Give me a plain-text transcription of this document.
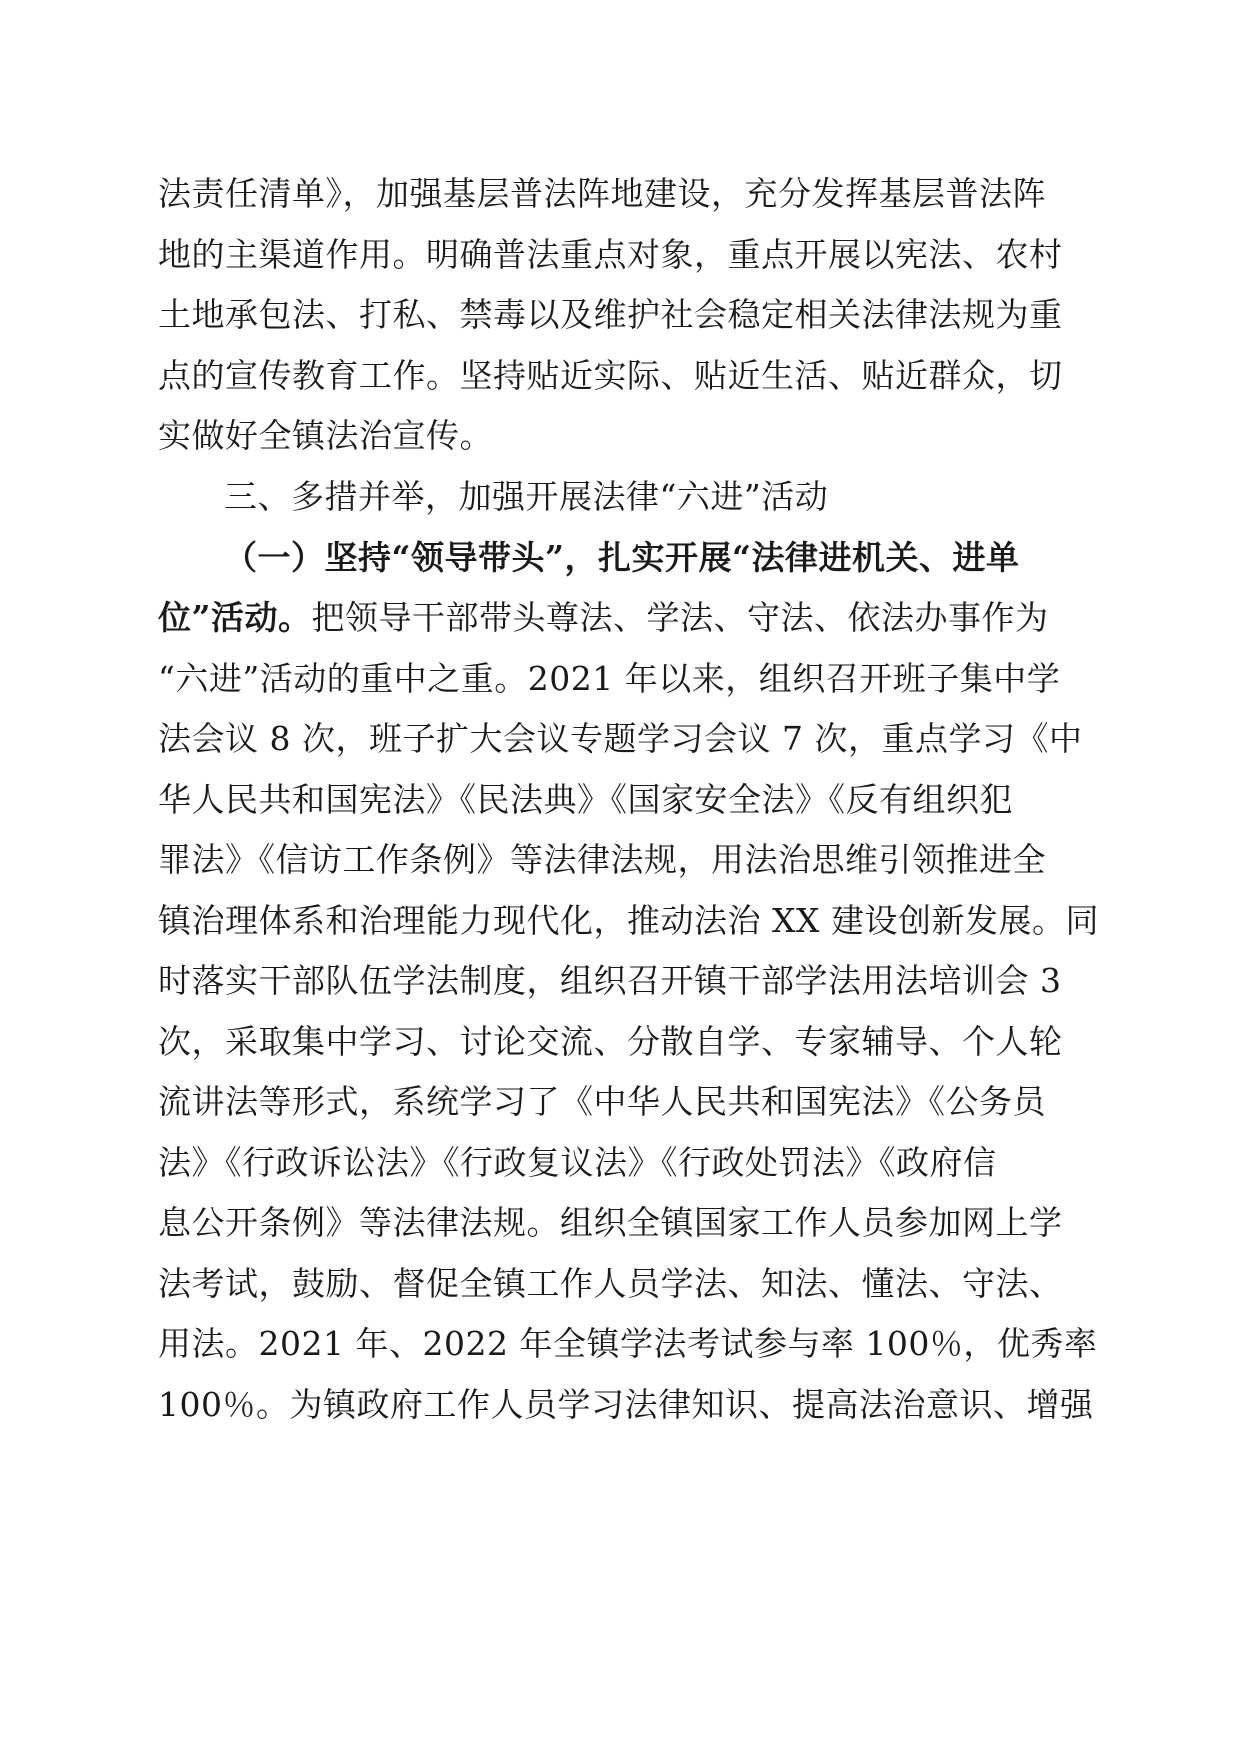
法责任清单》，加强基层普法阵地建设，充分发挥基层普法阵
地的主渠道作用。明确普法重点对象，重点开展以宪法、农村
土地承包法、打私、禁毒以及维护社会稳定相关法律法规为重
点的宣传教育工作。坚持贴近实际、贴近生活、贴近群众，切
实做好全镇法治宣传。
三、多措并举，加强开展法律“六进”活动
（一）坚持“领导带头”，扎实开展“法律进机关、进单
位”活动。把领导干部带头尊法、学法、守法、依法办事作为
“六进”活动的重中之重。2021 年以来，组织召开班子集中学
法会议 8 次，班子扩大会议专题学习会议 7 次，重点学习《中
华人民共和国宪法》《民法典》《国家安全法》《反有组织犯
罪法》《信访工作条例》等法律法规，用法治思维引领推进全
镇治理体系和治理能力现代化，推动法治 XX 建设创新发展。同
时落实干部队伍学法制度，组织召开镇干部学法用法培训会 3
次，采取集中学习、讨论交流、分散自学、专家辅导、个人轮
流讲法等形式，系统学习了《中华人民共和国宪法》《公务员
法》《行政诉讼法》《行政复议法》《行政处罚法》《政府信
息公开条例》等法律法规。组织全镇国家工作人员参加网上学
法考试，鼓励、督促全镇工作人员学法、知法、懂法、守法、
用法。2021 年、2022 年全镇学法考试参与率 100％，优秀率
100％。为镇政府工作人员学习法律知识、提高法治意识、增强
